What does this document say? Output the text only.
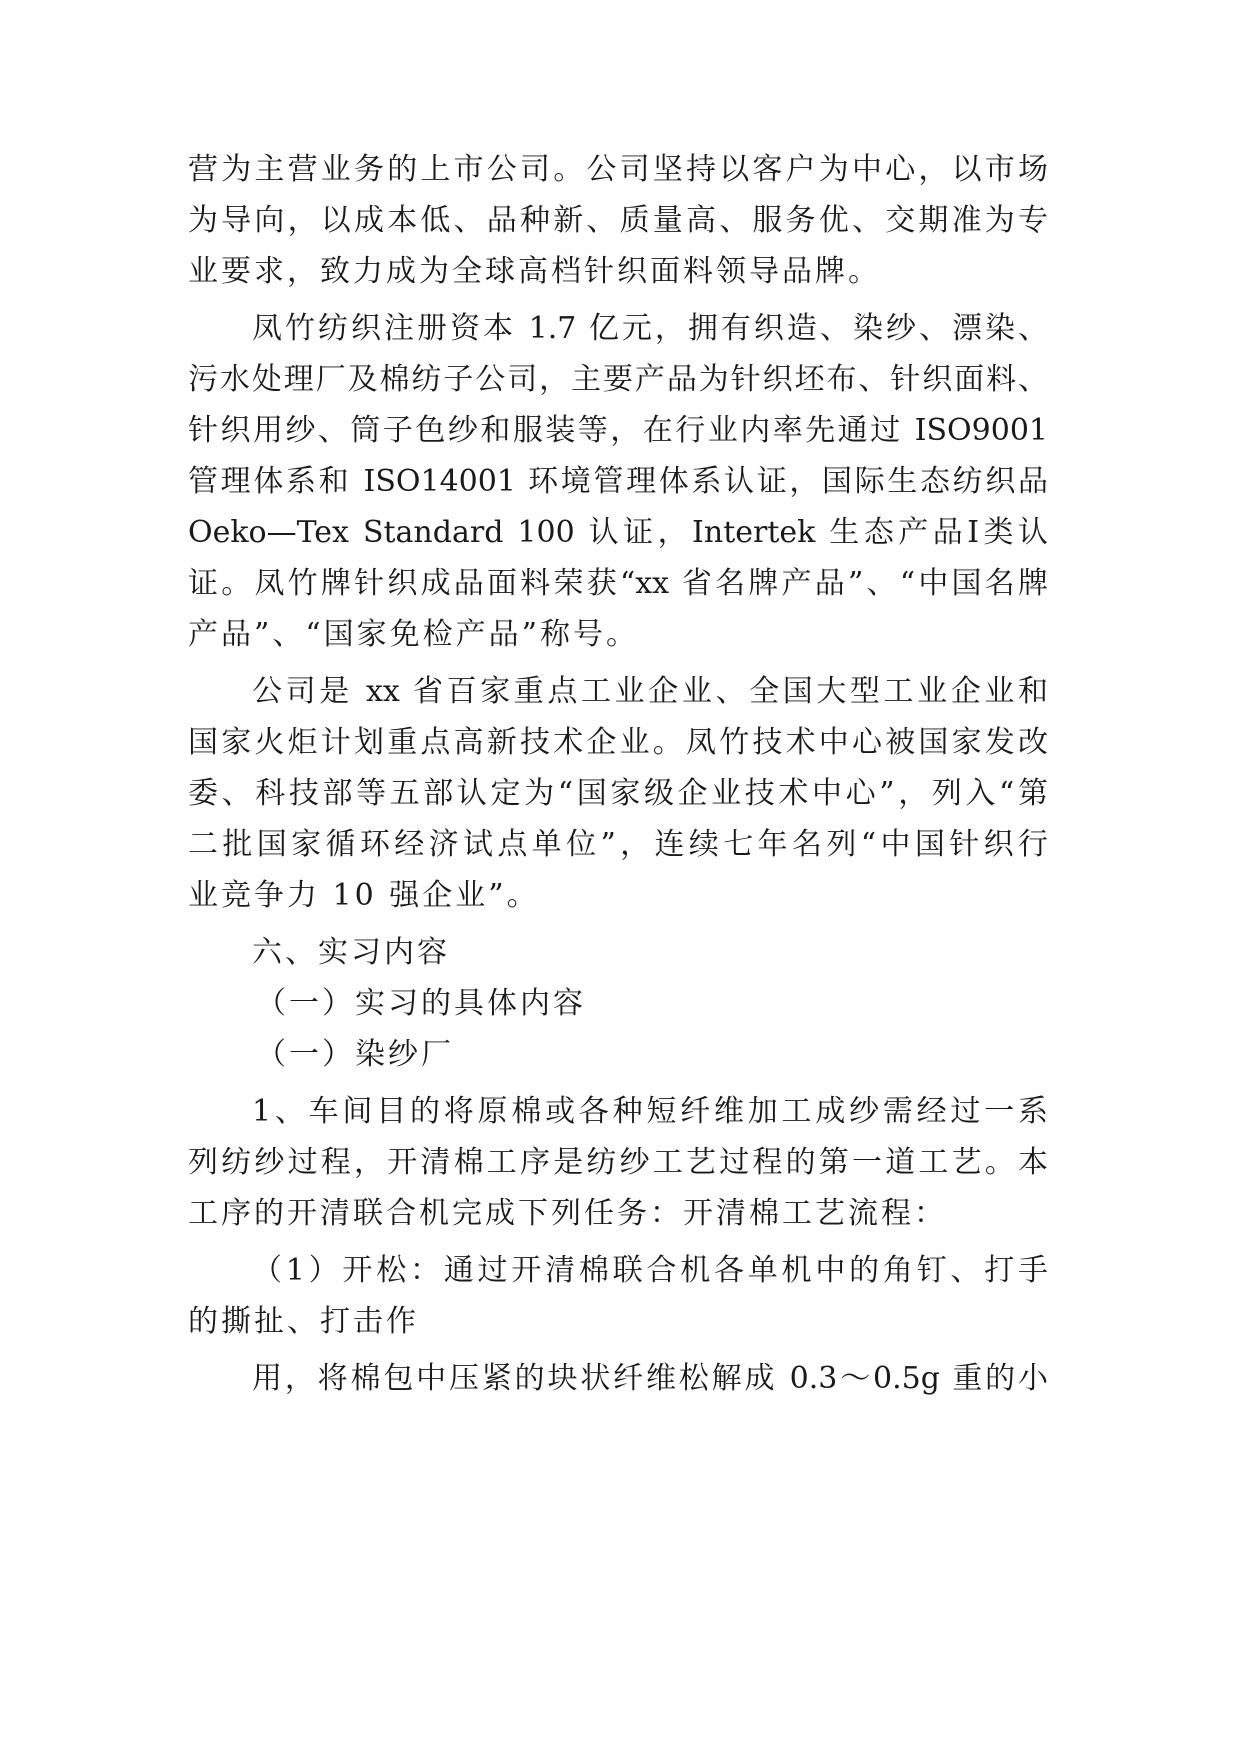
营为主营业务的上市公司。公司坚持以客户为中心，以市场
为导向，以成本低、品种新、质量高、服务优、交期准为专
业要求，致力成为全球高档针织面料领导品牌。
凤竹纺织注册资本 1.7 亿元，拥有织造、染纱、漂染、
污水处理厂及棉纺子公司，主要产品为针织坯布、针织面料、
针织用纱、筒子色纱和服装等，在行业内率先通过 ISO9001
管理体系和 ISO14001 环境管理体系认证，国际生态纺织品
Oeko—Tex Standard 100 认证，Intertek 生态产品Ⅰ类认
证。凤竹牌针织成品面料荣获“xx 省名牌产品”、“中国名牌
产品”、“国家免检产品”称号。
公司是 xx 省百家重点工业企业、全国大型工业企业和
国家火炬计划重点高新技术企业。凤竹技术中心被国家发改
委、科技部等五部认定为“国家级企业技术中心”，列入“第
二批国家循环经济试点单位”，连续七年名列“中国针织行
业竞争力 10 强企业”。
六、实习内容
（一）实习的具体内容
（一）染纱厂
1、车间目的将原棉或各种短纤维加工成纱需经过一系
列纺纱过程，开清棉工序是纺纱工艺过程的第一道工艺。本
工序的开清联合机完成下列任务：开清棉工艺流程：
（1）开松：通过开清棉联合机各单机中的角钉、打手
的撕扯、打击作
用，将棉包中压紧的块状纤维松解成 0.3～0.5g 重的小
